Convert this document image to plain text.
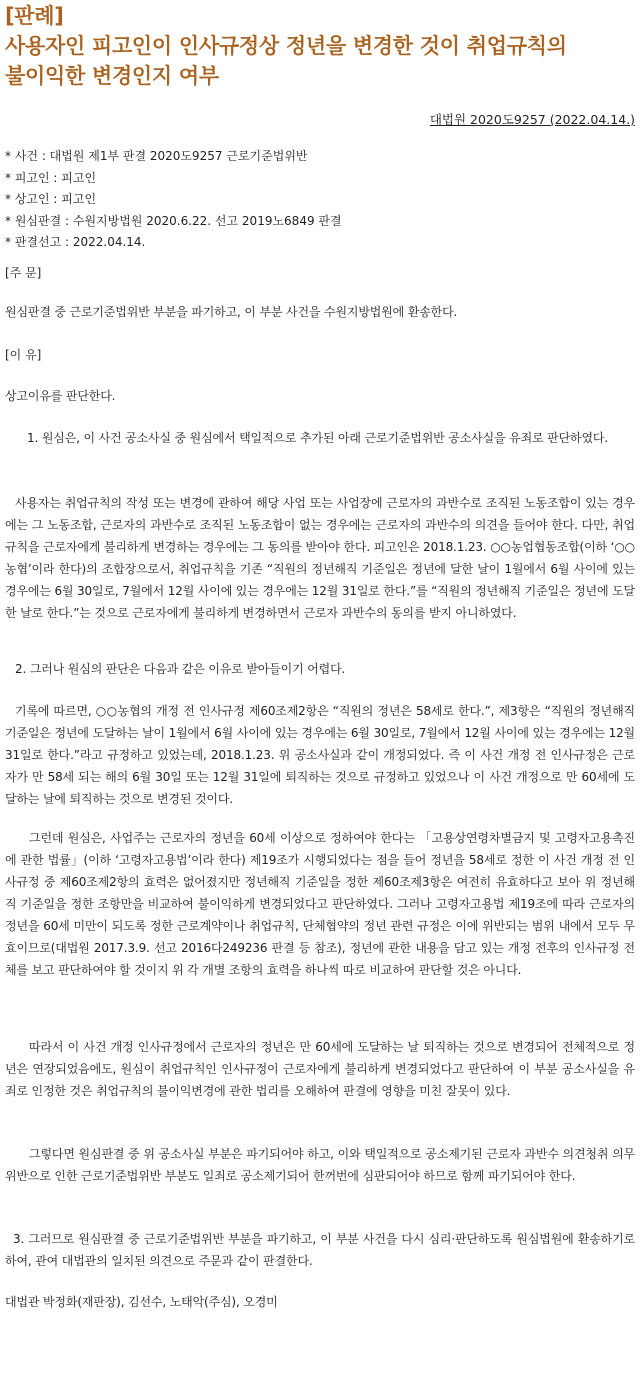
[판례]
사용자인 피고인이 인사규정상 정년을 변경한 것이 취업규칙의
불이익한 변경인지 여부
대법원 2020도9257 (2022.04.14.)
* 사건 : 대법원 제1부 판결 2020도9257 근로기준법위반
* 피고인 : 피고인
* 상고인 : 피고인
* 원심판결 : 수원지방법원 2020.6.22. 선고 2019노6849 판결
* 판결선고 : 2022.04.14.
[주 문]

원심판결 중 근로기준법위반 부분을 파기하고, 이 부분 사건을 수원지방법원에 환송한다.

[이 유]

상고이유를 판단한다.

1. 원심은, 이 사건 공소사실 중 원심에서 택일적으로 추가된 아래 근로기준법위반 공소사실을 유죄로 판단하였다.

사용자는 취업규칙의 작성 또는 변경에 관하여 해당 사업 또는 사업장에 근로자의 과반수로 조직된 노동조합이 있는 경우에는 그 노동조합, 근로자의 과반수로 조직된 노동조합이 없는 경우에는 근로자의 과반수의 의견을 들어야 한다. 다만, 취업규칙을 근로자에게 불리하게 변경하는 경우에는 그 동의를 받아야 한다. 피고인은 2018.1.23. ○○농업협동조합(이하 ‘○○농협’이라 한다)의 조합장으로서, 취업규칙을 기존 “직원의 정년해직 기준일은 정년에 달한 날이 1월에서 6월 사이에 있는 경우에는 6월 30일로, 7월에서 12월 사이에 있는 경우에는 12월 31일로 한다.”를 “직원의 정년해직 기준일은 정년에 도달한 날로 한다.”는 것으로 근로자에게 불리하게 변경하면서 근로자 과반수의 동의를 받지 아니하였다.

2. 그러나 원심의 판단은 다음과 같은 이유로 받아들이기 어렵다.

기록에 따르면, ○○농협의 개정 전 인사규정 제60조제2항은 “직원의 정년은 58세로 한다.”, 제3항은 “직원의 정년해직 기준일은 정년에 도달하는 날이 1월에서 6월 사이에 있는 경우에는 6월 30일로, 7월에서 12월 사이에 있는 경우에는 12월 31일로 한다.”라고 규정하고 있었는데, 2018.1.23. 위 공소사실과 같이 개정되었다. 즉 이 사건 개정 전 인사규정은 근로자가 만 58세 되는 해의 6월 30일 또는 12월 31일에 퇴직하는 것으로 규정하고 있었으나 이 사건 개정으로 만 60세에 도달하는 날에 퇴직하는 것으로 변경된 것이다.

그런데 원심은, 사업주는 근로자의 정년을 60세 이상으로 정하여야 한다는 「고용상연령차별금지 및 고령자고용촉진에 관한 법률」(이하 ‘고령자고용법’이라 한다) 제19조가 시행되었다는 점을 들어 정년을 58세로 정한 이 사건 개정 전 인사규정 중 제60조제2항의 효력은 없어졌지만 정년해직 기준일을 정한 제60조제3항은 여전히 유효하다고 보아 위 정년해직 기준일을 정한 조항만을 비교하여 불이익하게 변경되었다고 판단하였다. 그러나 고령자고용법 제19조에 따라 근로자의 정년을 60세 미만이 되도록 정한 근로계약이나 취업규칙, 단체협약의 정년 관련 규정은 이에 위반되는 범위 내에서 모두 무효이므로(대법원 2017.3.9. 선고 2016다249236 판결 등 참조), 정년에 관한 내용을 담고 있는 개정 전후의 인사규정 전체를 보고 판단하여야 할 것이지 위 각 개별 조항의 효력을 하나씩 따로 비교하여 판단할 것은 아니다.

따라서 이 사건 개정 인사규정에서 근로자의 정년은 만 60세에 도달하는 날 퇴직하는 것으로 변경되어 전체적으로 정년은 연장되었음에도, 원심이 취업규칙인 인사규정이 근로자에게 불리하게 변경되었다고 판단하여 이 부분 공소사실을 유죄로 인정한 것은 취업규칙의 불이익변경에 관한 법리를 오해하여 판결에 영향을 미친 잘못이 있다.

그렇다면 원심판결 중 위 공소사실 부분은 파기되어야 하고, 이와 택일적으로 공소제기된 근로자 과반수 의견청취 의무위반으로 인한 근로기준법위반 부분도 일죄로 공소제기되어 한꺼번에 심판되어야 하므로 함께 파기되어야 한다.

3. 그러므로 원심판결 중 근로기준법위반 부분을 파기하고, 이 부분 사건을 다시 심리·판단하도록 원심법원에 환송하기로 하여, 관여 대법관의 일치된 의견으로 주문과 같이 판결한다.

대법관 박정화(재판장), 김선수, 노태악(주심), 오경미
